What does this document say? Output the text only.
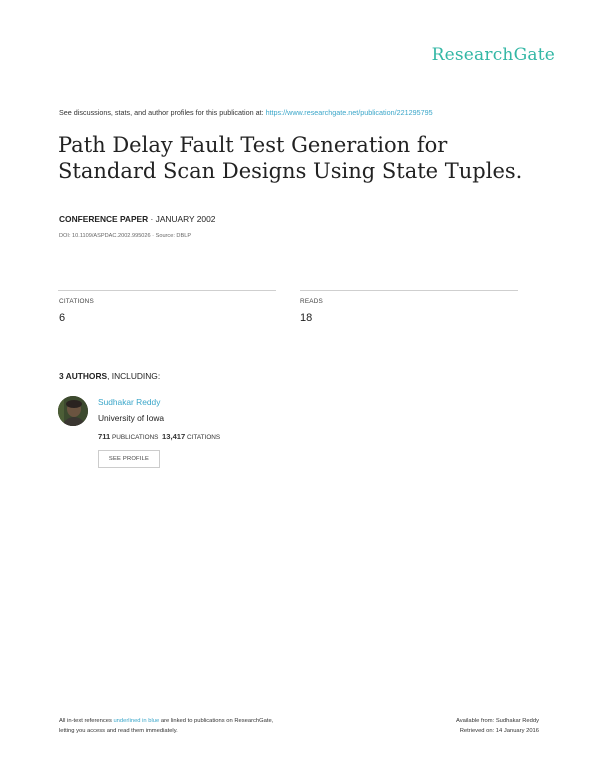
ResearchGate
See discussions, stats, and author profiles for this publication at: https://www.researchgate.net/publication/221295795
Path Delay Fault Test Generation for Standard Scan Designs Using State Tuples.
CONFERENCE PAPER · JANUARY 2002
DOI: 10.1109/ASPDAC.2002.995026 · Source: DBLP
CITATIONS
6
READS
18
3 AUTHORS, INCLUDING:
Sudhakar Reddy
University of Iowa
711 PUBLICATIONS 13,417 CITATIONS
SEE PROFILE
All in-text references underlined in blue are linked to publications on ResearchGate,
letting you access and read them immediately.
Available from: Sudhakar Reddy
Retrieved on: 14 January 2016
